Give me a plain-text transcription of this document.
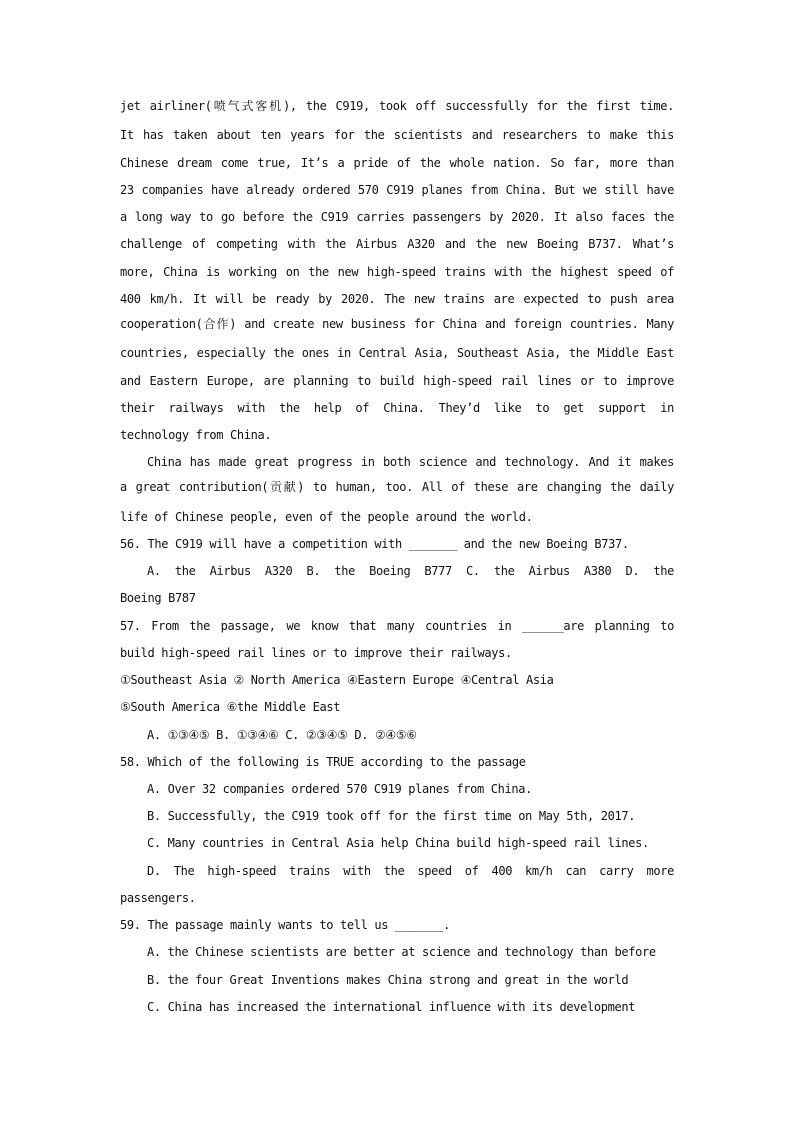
jet airliner(喷气式客机), the C919, took off successfully for the first time.
It has taken about ten years for the scientists and researchers to make this
Chinese dream come true, It’s a pride of the whole nation. So far, more than
23 companies have already ordered 570 C919 planes from China. But we still have
a long way to go before the C919 carries passengers by 2020. It also faces the
challenge of competing with the Airbus A320 and the new Boeing B737. What’s
more, China is working on the new high-speed trains with the highest speed of
400 km/h. It will be ready by 2020. The new trains are expected to push area
cooperation(合作) and create new business for China and foreign countries. Many
countries, especially the ones in Central Asia, Southeast Asia, the Middle East
and Eastern Europe, are planning to build high-speed rail lines or to improve
their railways with the help of China. They’d like to get support in
technology from China.
China has made great progress in both science and technology. And it makes
a great contribution(贡献) to human, too. All of these are changing the daily
life of Chinese people, even of the people around the world.
56. The C919 will have a competition with _______ and the new Boeing B737.
A. the Airbus A320 B. the Boeing B777 C. the Airbus A380 D. the
Boeing B787
57. From the passage, we know that many countries in ______are planning to
build high-speed rail lines or to improve their railways.
①Southeast Asia ② North America ④Eastern Europe ④Central Asia
⑤South America ⑥the Middle East
A. ①③④⑤ B. ①③④⑥ C. ②③④⑤ D. ②④⑤⑥
58. Which of the following is TRUE according to the passage
A. Over 32 companies ordered 570 C919 planes from China.
B. Successfully, the C919 took off for the first time on May 5th, 2017.
C. Many countries in Central Asia help China build high-speed rail lines.
D. The high-speed trains with the speed of 400 km/h can carry more
passengers.
59. The passage mainly wants to tell us _______.
A. the Chinese scientists are better at science and technology than before
B. the four Great Inventions makes China strong and great in the world
C. China has increased the international influence with its development
